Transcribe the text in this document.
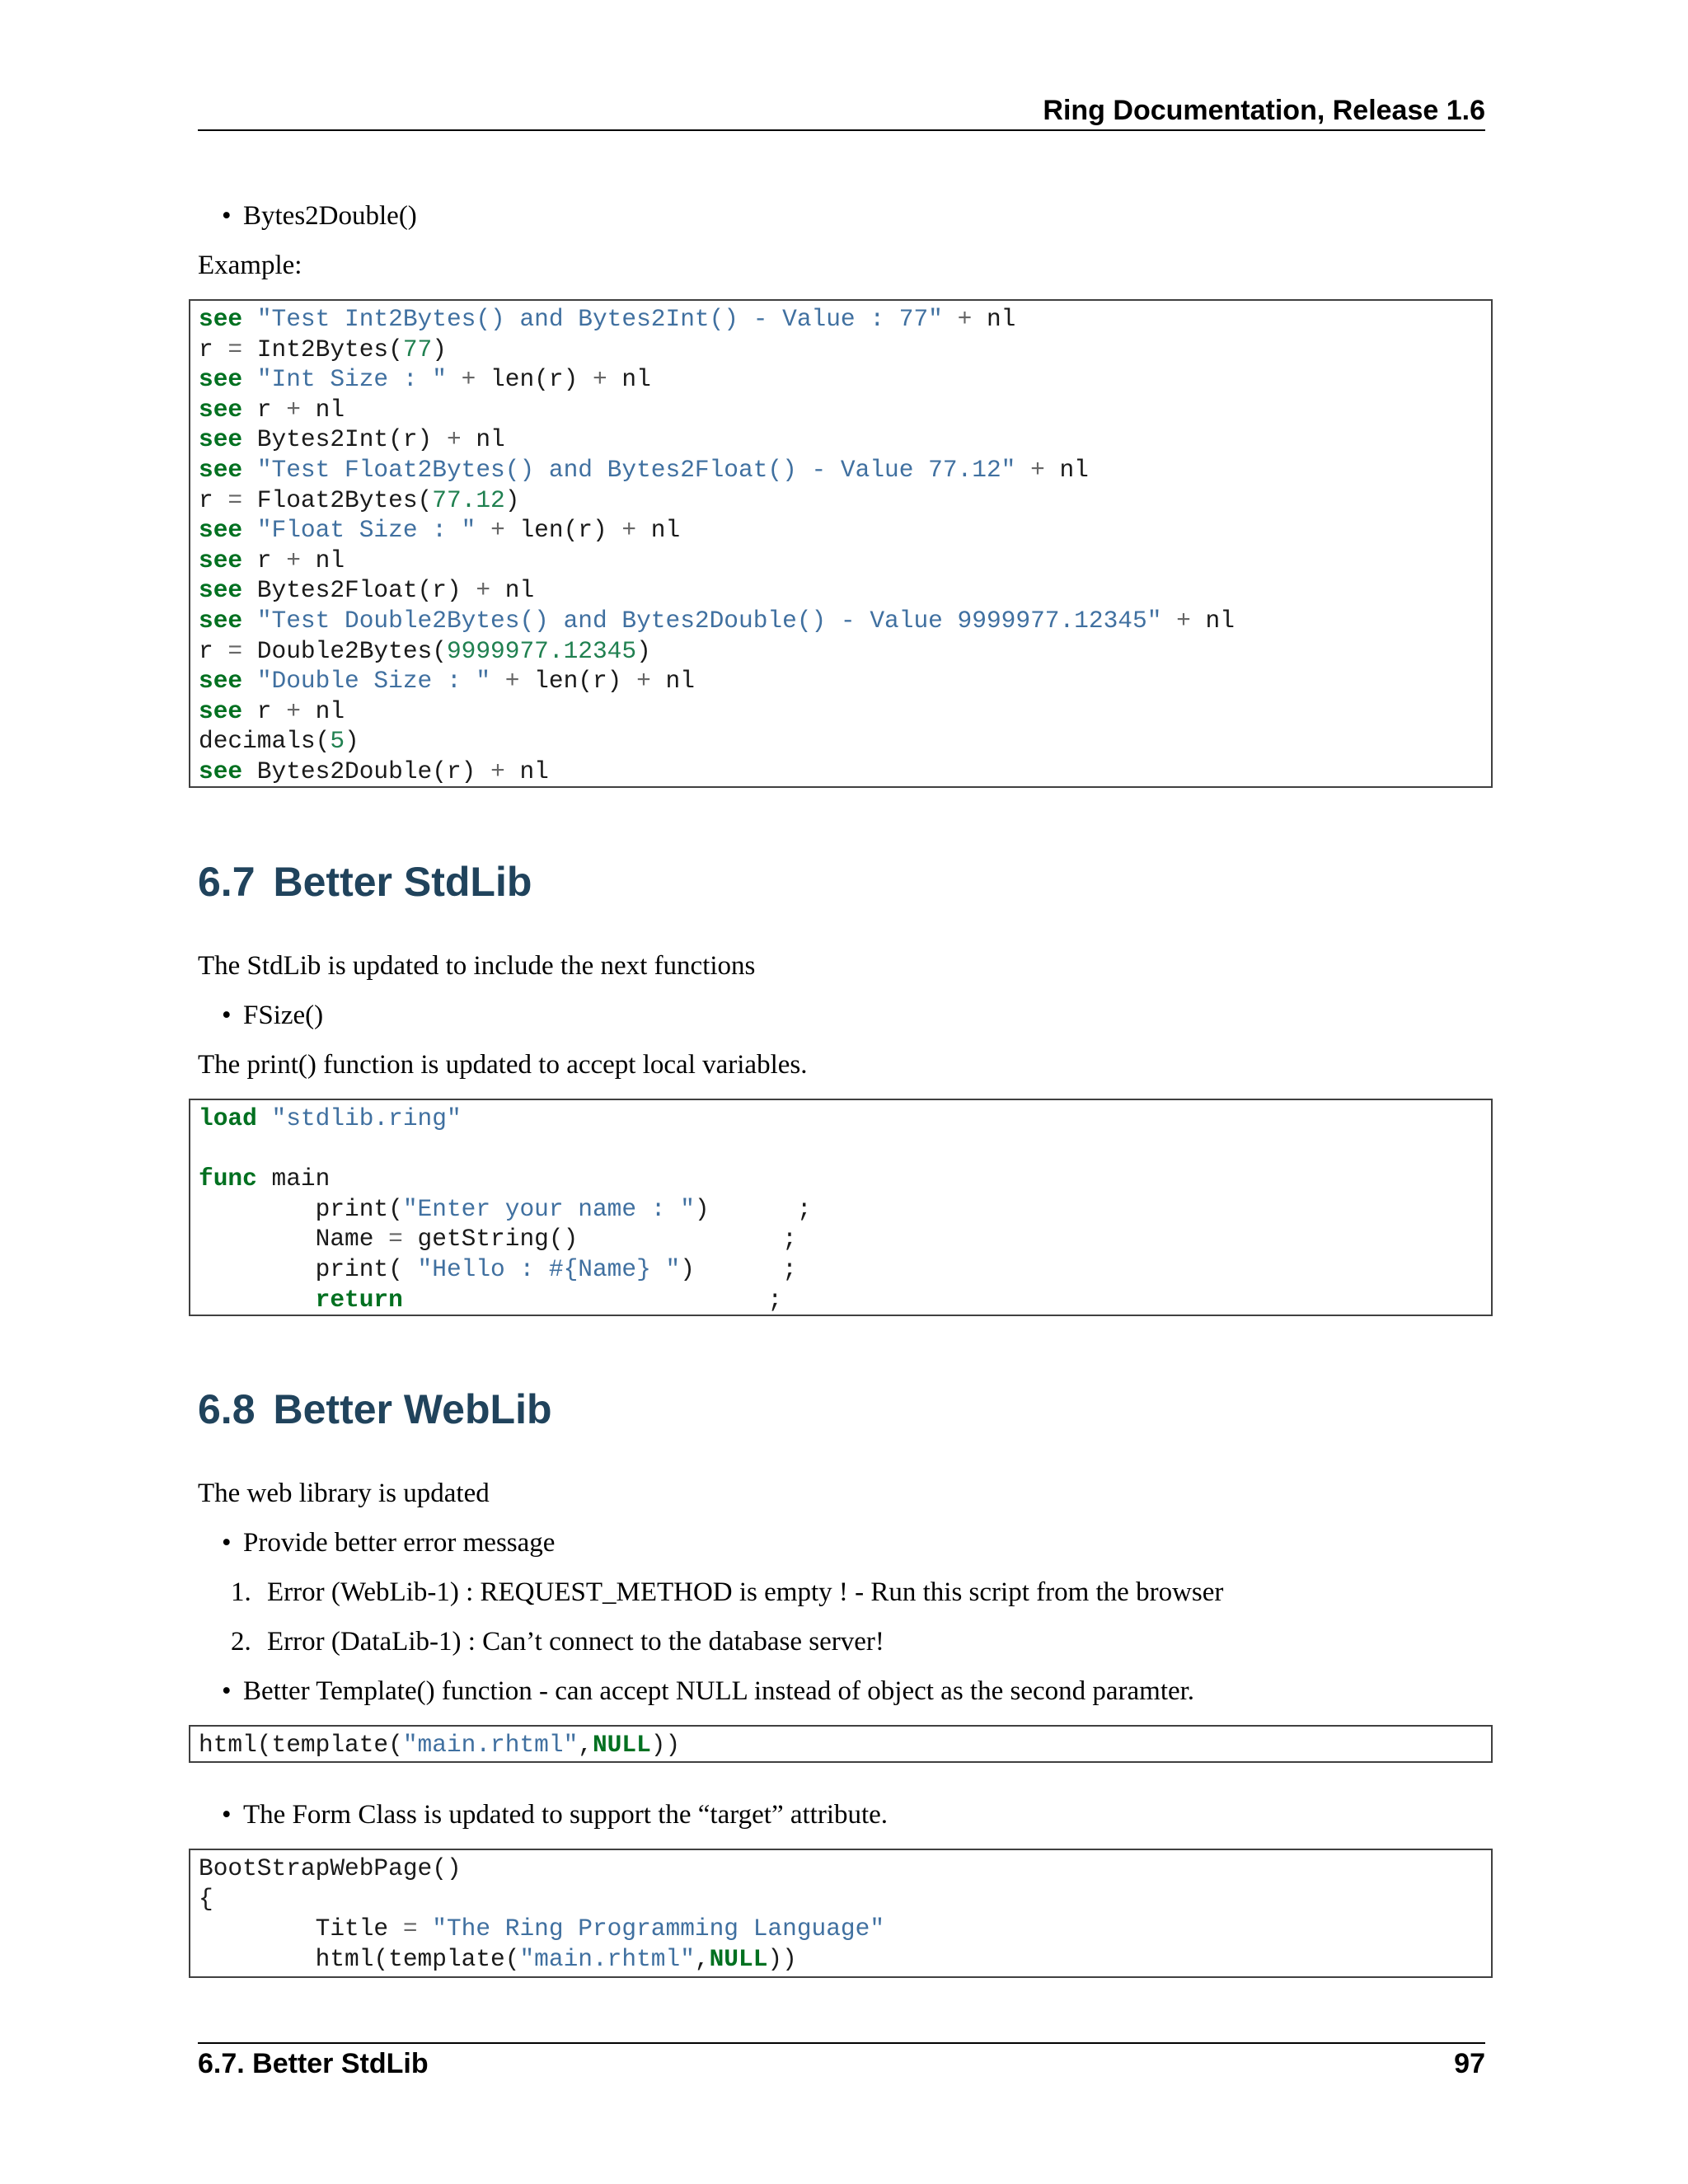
Ring Documentation, Release 1.6
• Bytes2Double()
Example:
see "Test Int2Bytes() and Bytes2Int() - Value : 77" + nl
r = Int2Bytes(77)
see "Int Size : " + len(r) + nl
see r + nl
see Bytes2Int(r) + nl
see "Test Float2Bytes() and Bytes2Float() - Value 77.12" + nl
r = Float2Bytes(77.12)
see "Float Size : " + len(r) + nl
see r + nl
see Bytes2Float(r) + nl
see "Test Double2Bytes() and Bytes2Double() - Value 9999977.12345" + nl
r = Double2Bytes(9999977.12345)
see "Double Size : " + len(r) + nl
see r + nl
decimals(5)
see Bytes2Double(r) + nl
6.7 Better StdLib
The StdLib is updated to include the next functions
• FSize()
The print() function is updated to accept local variables.
load "stdlib.ring"
func main
print("Enter your name : ")      ;
Name = getString()              ;
print( "Hello : #{Name} ")      ;
return                         ;
6.8 Better WebLib
The web library is updated
• Provide better error message
1. Error (WebLib-1) : REQUEST_METHOD is empty ! - Run this script from the browser
2. Error (DataLib-1) : Can’t connect to the database server!
• Better Template() function - can accept NULL instead of object as the second paramter.
html(template("main.rhtml",NULL))
• The Form Class is updated to support the “target” attribute.
BootStrapWebPage()
{
Title = "The Ring Programming Language"
html(template("main.rhtml",NULL))
6.7. Better StdLib	97
